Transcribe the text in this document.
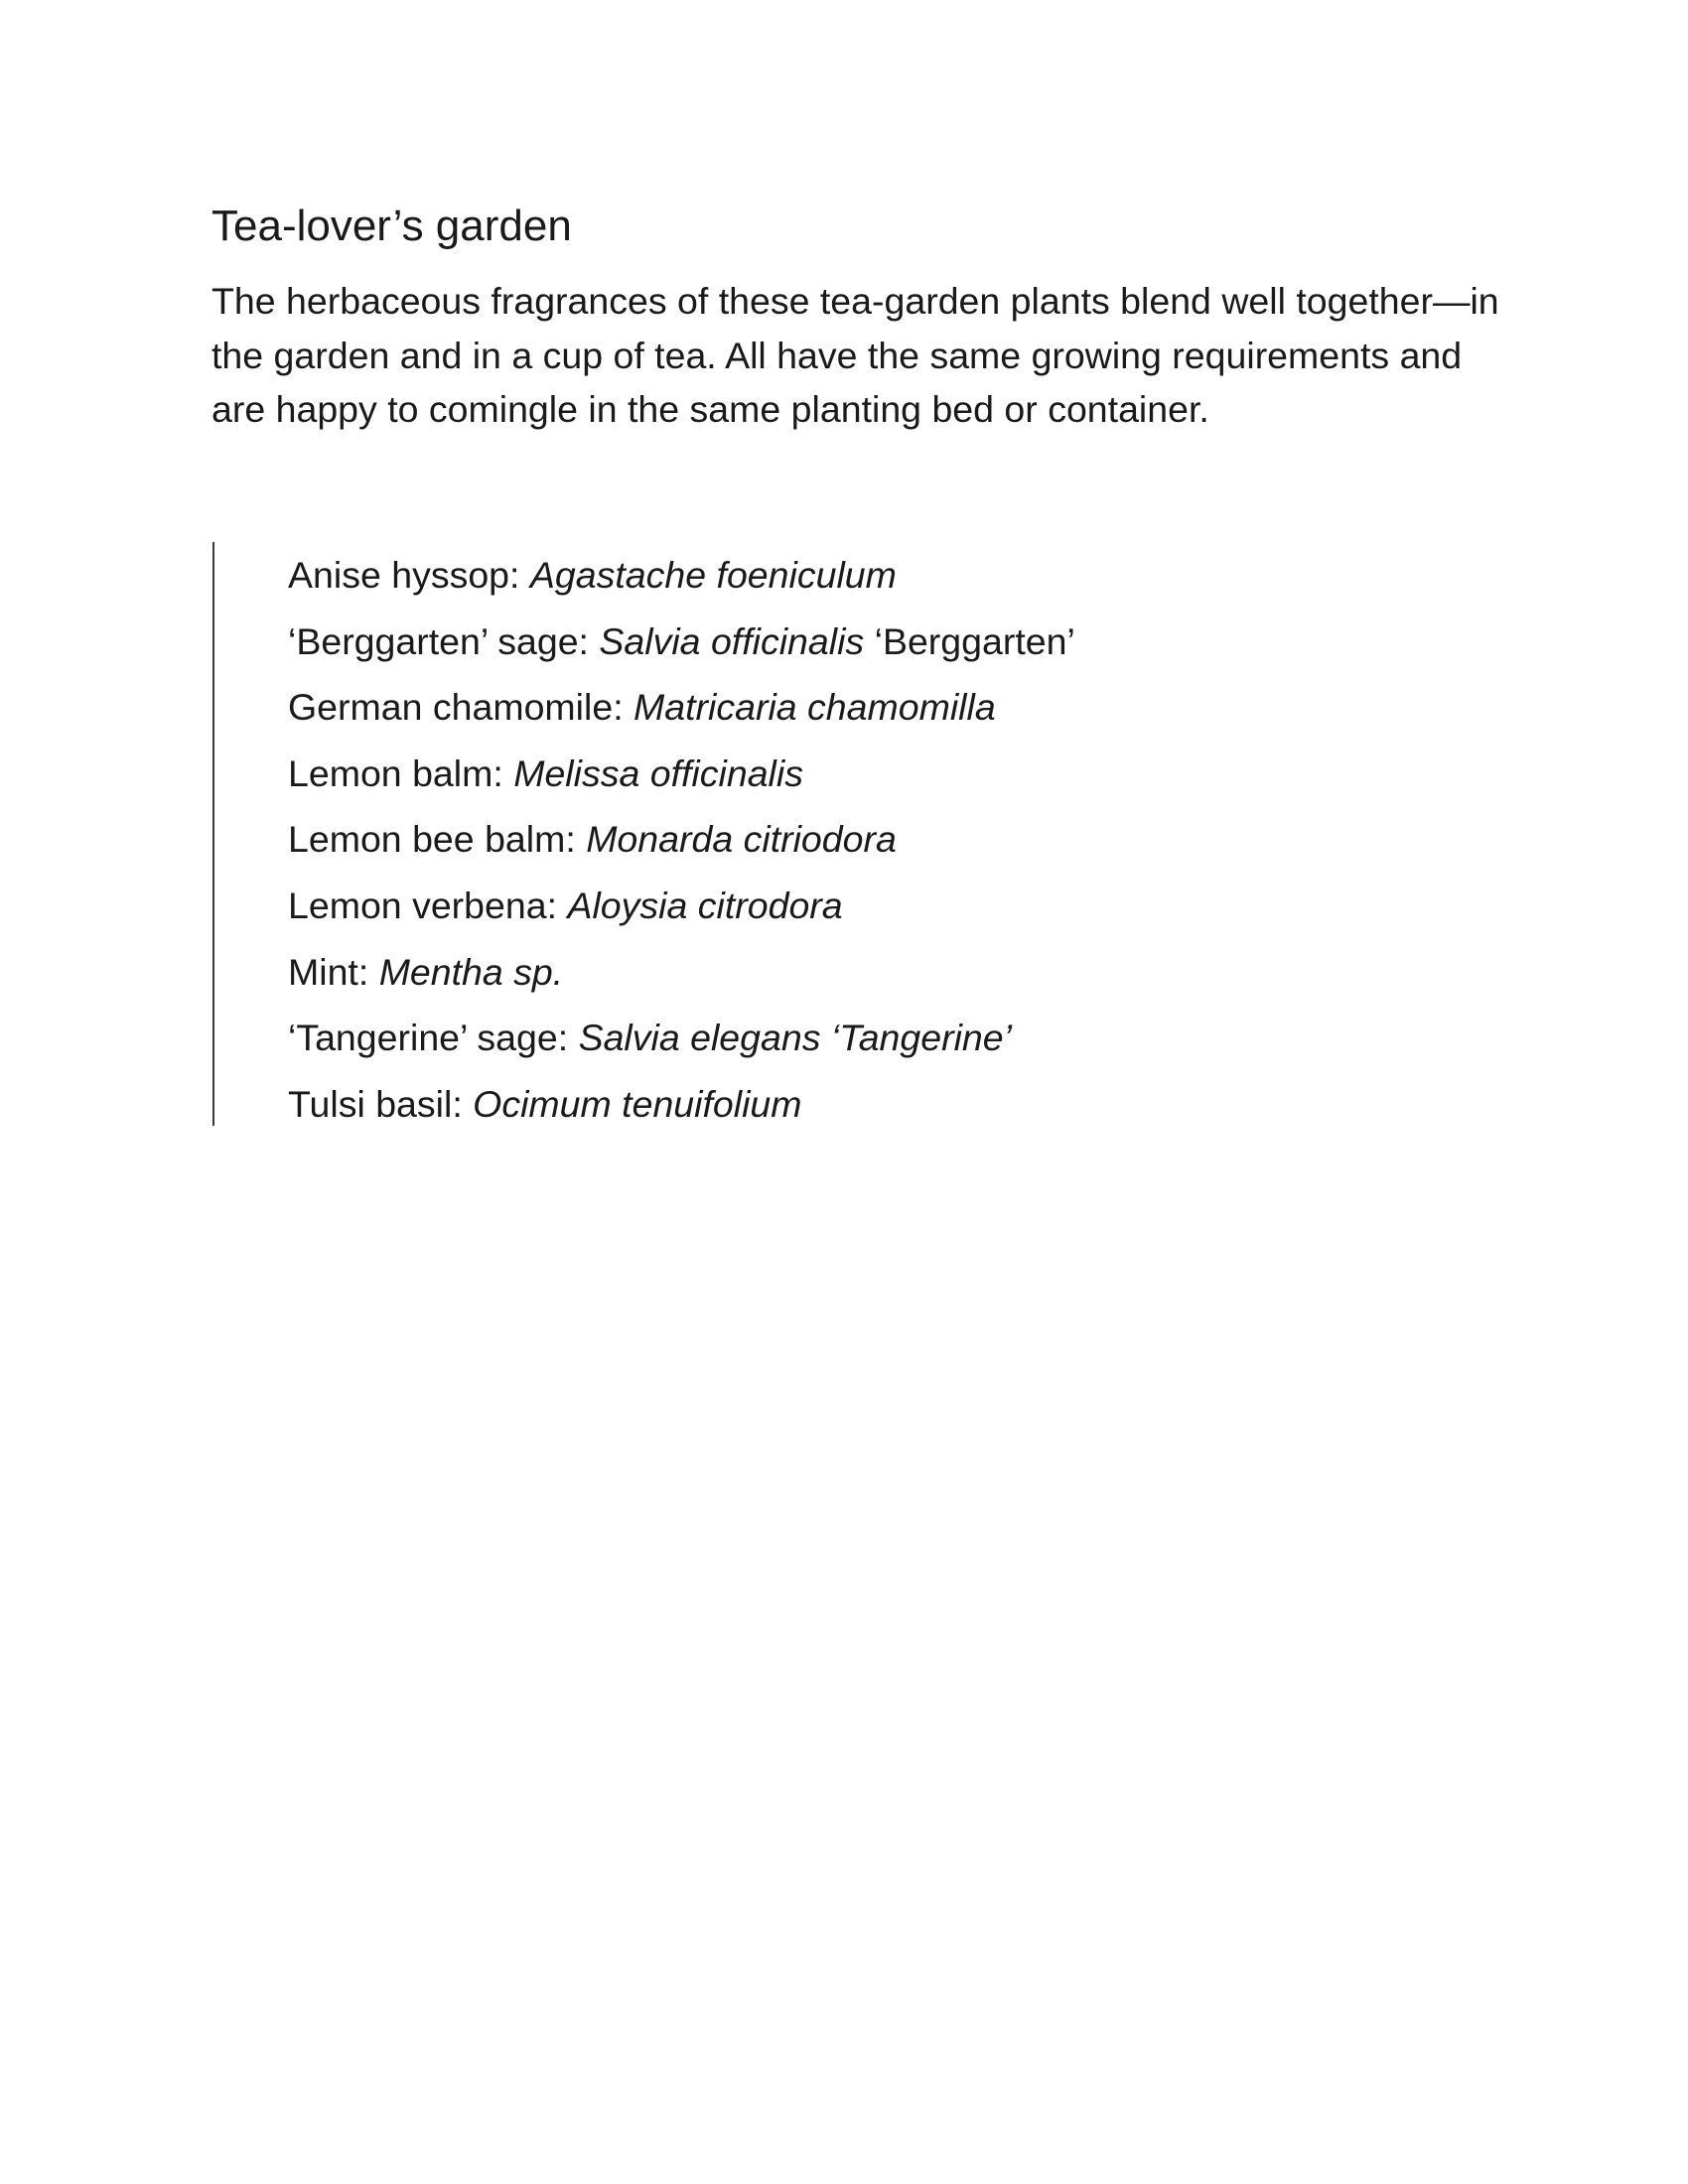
Tea-lover’s garden

The herbaceous fragrances of these tea-garden plants blend well together—in the garden and in a cup of tea. All have the same growing requirements and are happy to comingle in the same planting bed or container.

Anise hyssop: Agastache foeniculum
‘Berggarten’ sage: Salvia officinalis ‘Berggarten’
German chamomile: Matricaria chamomilla
Lemon balm: Melissa officinalis
Lemon bee balm: Monarda citriodora
Lemon verbena: Aloysia citrodora
Mint: Mentha sp.
‘Tangerine’ sage: Salvia elegans ‘Tangerine’
Tulsi basil: Ocimum tenuifolium
